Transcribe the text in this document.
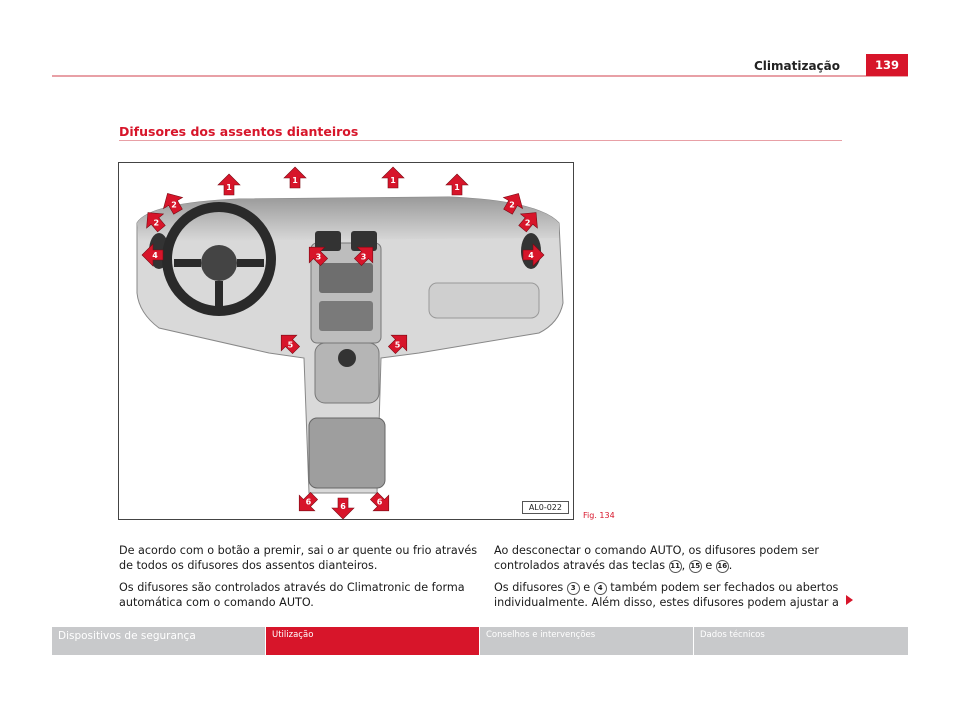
Climatização	139
Difusores dos assentos dianteiros
1
1	1
1
2
2
2
2
3	3
4	4
5	5
6	6	6
AL0-022
Fig. 134

De acordo com o botão a premir, sai o ar quente ou frio através de todos os difusores dos assentos dianteiros.

Os difusores são controlados através do Climatronic de forma automática com o comando AUTO.

Ao desconectar o comando AUTO, os difusores podem ser controlados através das teclas 11 , 15 e 16 .

Os difusores 3 e 4 também podem ser fechados ou abertos individualmente. Além disso, estes difusores podem ajustar a

Dispositivos de segurança	Utilização	Conselhos e intervenções	Dados técnicos
